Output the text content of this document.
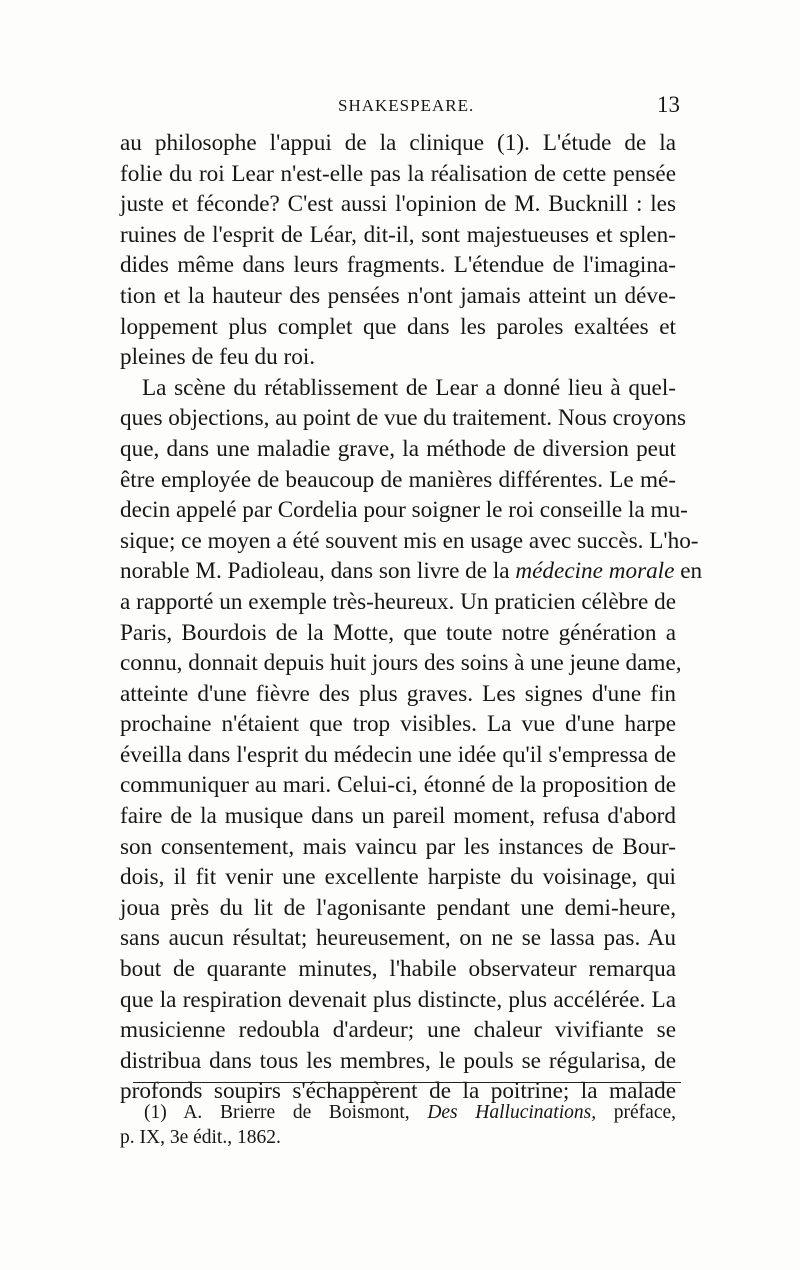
SHAKESPEARE.	13
au philosophe l'appui de la clinique (1). L'étude de la
folie du roi Lear n'est-elle pas la réalisation de cette pensée
juste et féconde? C'est aussi l'opinion de M. Bucknill : les
ruines de l'esprit de Léar, dit-il, sont majestueuses et splen-
dides même dans leurs fragments. L'étendue de l'imagina-
tion et la hauteur des pensées n'ont jamais atteint un déve-
loppement plus complet que dans les paroles exaltées et
pleines de feu du roi.
La scène du rétablissement de Lear a donné lieu à quel-
ques objections, au point de vue du traitement. Nous croyons
que, dans une maladie grave, la méthode de diversion peut
être employée de beaucoup de manières différentes. Le mé-
decin appelé par Cordelia pour soigner le roi conseille la mu-
sique; ce moyen a été souvent mis en usage avec succès. L'ho-
norable M. Padioleau, dans son livre de la médecine morale en
a rapporté un exemple très-heureux. Un praticien célèbre de
Paris, Bourdois de la Motte, que toute notre génération a
connu, donnait depuis huit jours des soins à une jeune dame,
atteinte d'une fièvre des plus graves. Les signes d'une fin
prochaine n'étaient que trop visibles. La vue d'une harpe
éveilla dans l'esprit du médecin une idée qu'il s'empressa de
communiquer au mari. Celui-ci, étonné de la proposition de
faire de la musique dans un pareil moment, refusa d'abord
son consentement, mais vaincu par les instances de Bour-
dois, il fit venir une excellente harpiste du voisinage, qui
joua près du lit de l'agonisante pendant une demi-heure,
sans aucun résultat; heureusement, on ne se lassa pas. Au
bout de quarante minutes, l'habile observateur remarqua
que la respiration devenait plus distincte, plus accélérée. La
musicienne redoubla d'ardeur; une chaleur vivifiante se
distribua dans tous les membres, le pouls se régularisa, de
profonds soupirs s'échappèrent de la poitrine; la malade
(1) A. Brierre de Boismont, Des Hallucinations, préface,
p. IX, 3e édit., 1862.
